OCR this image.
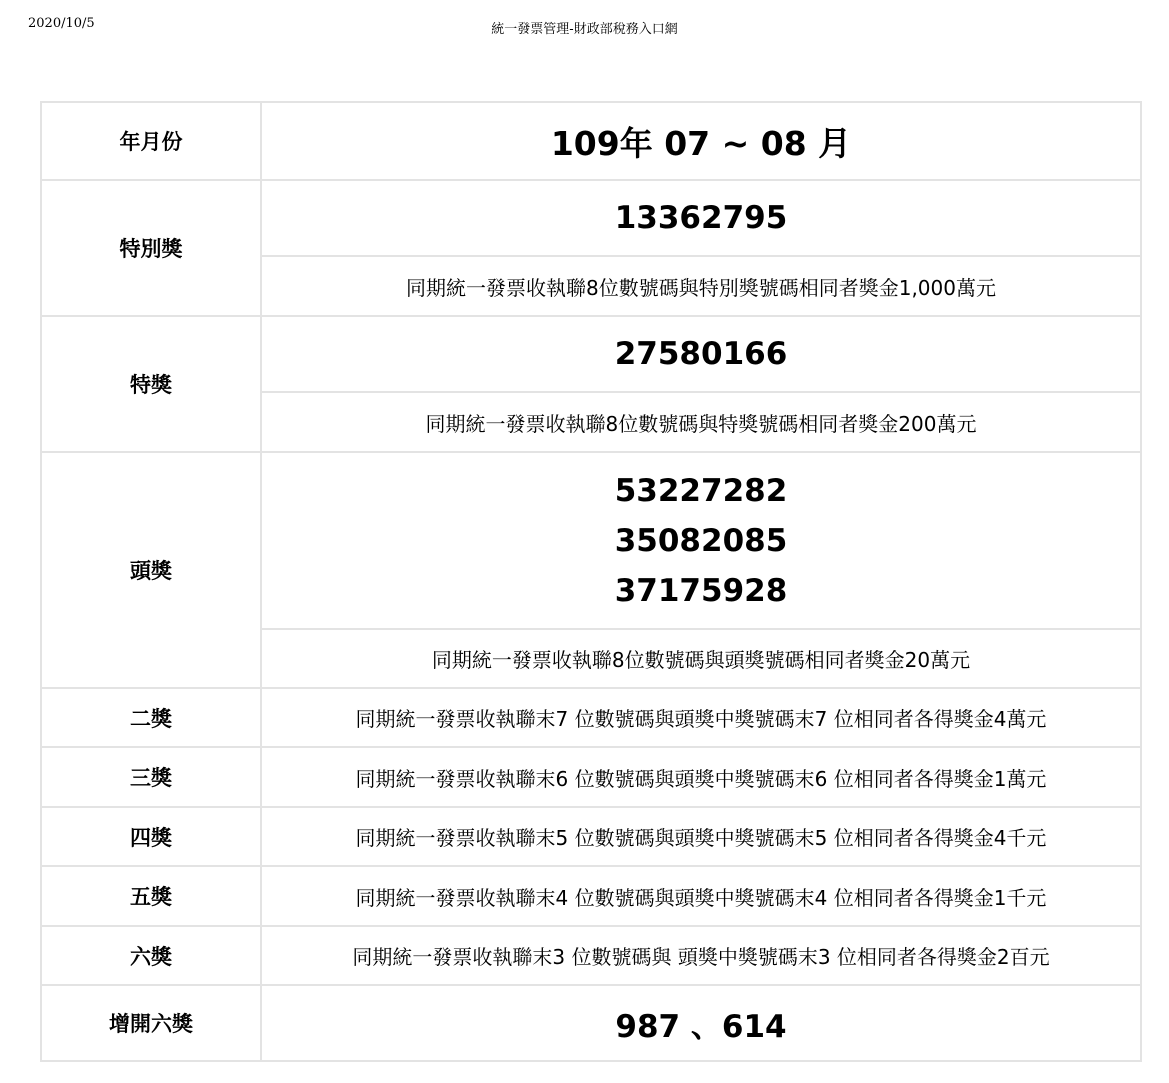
2020/10/5	統一發票管理-財政部稅務入口網
年月份	109年 07 ~ 08 月
特別獎	13362795
	同期統一發票收執聯8位數號碼與特別獎號碼相同者獎金1,000萬元
特獎	27580166
	同期統一發票收執聯8位數號碼與特獎號碼相同者獎金200萬元
頭獎	53227282
35082085
37175928

	同期統一發票收執聯8位數號碼與頭獎號碼相同者獎金20萬元
二獎	同期統一發票收執聯末7 位數號碼與頭獎中獎號碼末7 位相同者各得獎金4萬元
三獎	同期統一發票收執聯末6 位數號碼與頭獎中獎號碼末6 位相同者各得獎金1萬元
四獎	同期統一發票收執聯末5 位數號碼與頭獎中獎號碼末5 位相同者各得獎金4千元
五獎	同期統一發票收執聯末4 位數號碼與頭獎中獎號碼末4 位相同者各得獎金1千元
六獎	同期統一發票收執聯末3 位數號碼與 頭獎中獎號碼末3 位相同者各得獎金2百元
增開六獎	987 、614
